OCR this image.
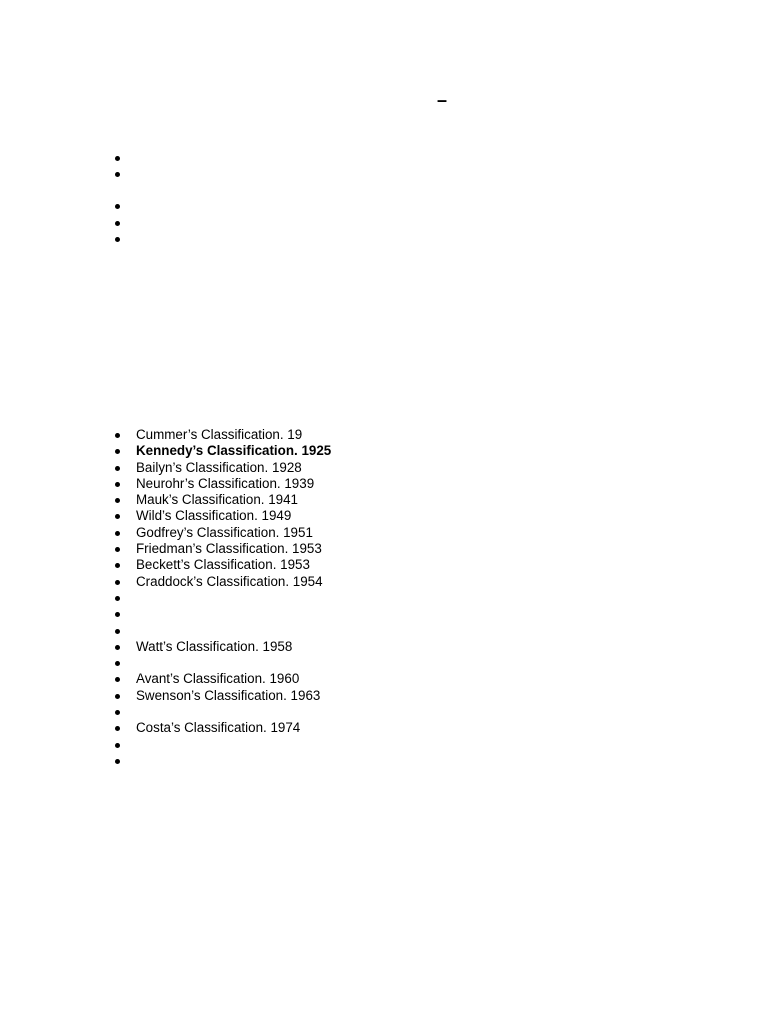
–
Cummer’s Classification. 19
Kennedy’s Classification. 1925
Bailyn’s Classification. 1928
Neurohr’s Classification. 1939
Mauk’s Classification. 1941
Wild’s Classification. 1949
Godfrey’s Classification. 1951
Friedman’s Classification. 1953
Beckett’s Classification. 1953
Craddock’s Classification. 1954
Watt’s Classification. 1958
Avant’s Classification. 1960
Swenson’s Classification. 1963
Costa’s Classification. 1974
